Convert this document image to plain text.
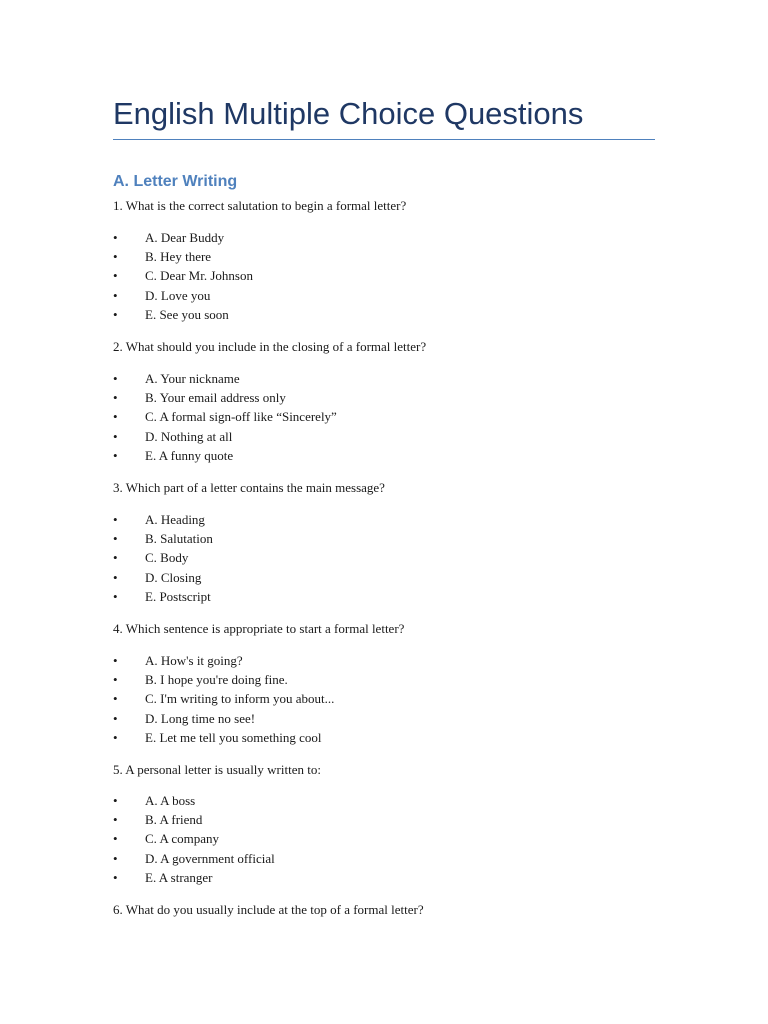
English Multiple Choice Questions
A. Letter Writing
1. What is the correct salutation to begin a formal letter?
• A. Dear Buddy
• B. Hey there
• C. Dear Mr. Johnson
• D. Love you
• E. See you soon
2. What should you include in the closing of a formal letter?
• A. Your nickname
• B. Your email address only
• C. A formal sign-off like “Sincerely”
• D. Nothing at all
• E. A funny quote
3. Which part of a letter contains the main message?
• A. Heading
• B. Salutation
• C. Body
• D. Closing
• E. Postscript
4. Which sentence is appropriate to start a formal letter?
• A. How's it going?
• B. I hope you're doing fine.
• C. I'm writing to inform you about...
• D. Long time no see!
• E. Let me tell you something cool
5. A personal letter is usually written to:
• A. A boss
• B. A friend
• C. A company
• D. A government official
• E. A stranger
6. What do you usually include at the top of a formal letter?
